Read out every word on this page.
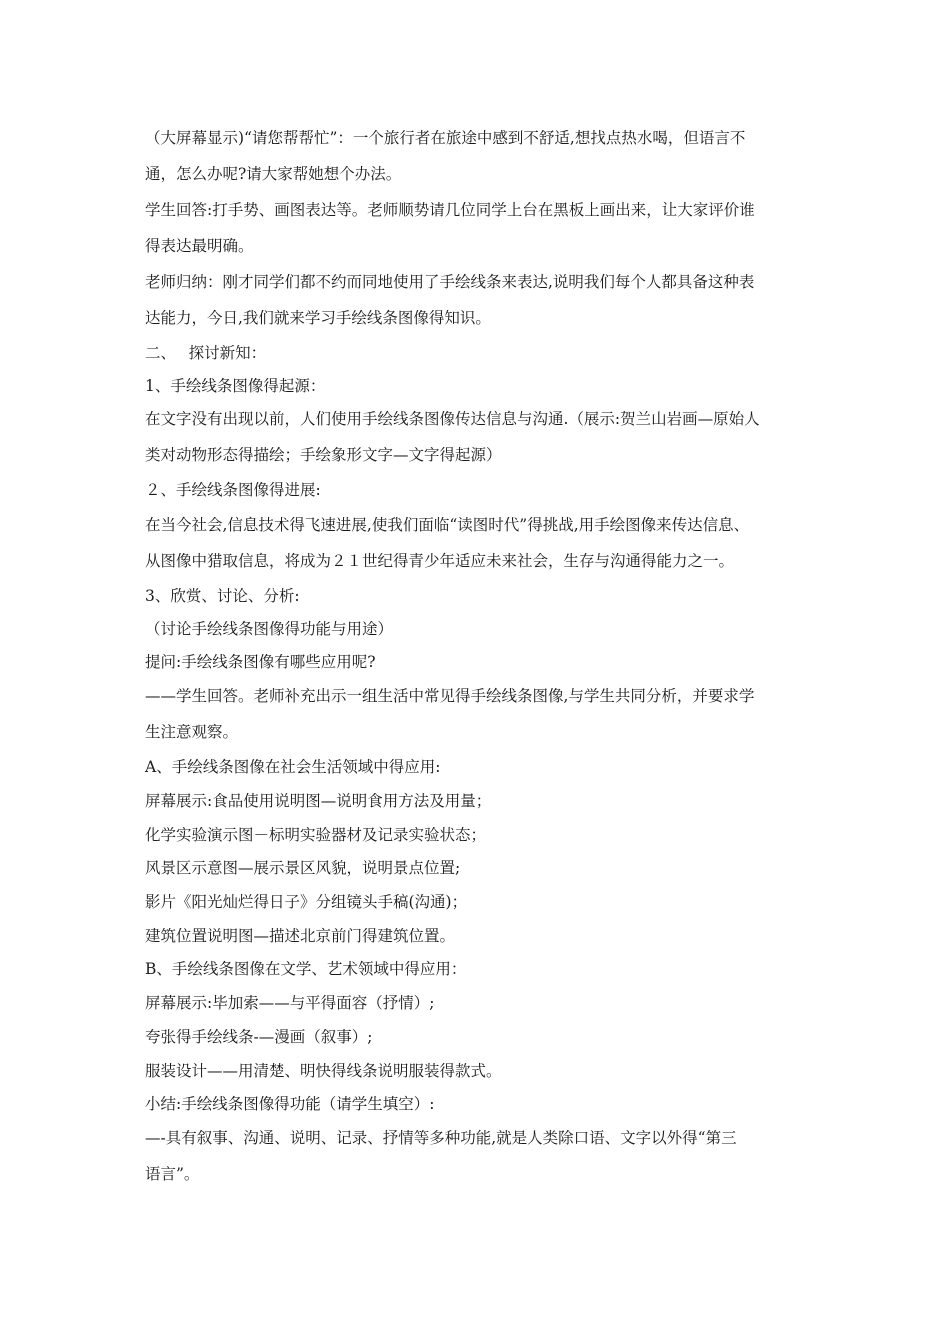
（大屏幕显示)“请您帮帮忙”：一个旅行者在旅途中感到不舒适,想找点热水喝，但语言不
通，怎么办呢?请大家帮她想个办法。
学生回答:打手势、画图表达等。老师顺势请几位同学上台在黑板上画出来，让大家评价谁
得表达最明确。
老师归纳：刚才同学们都不约而同地使用了手绘线条来表达,说明我们每个人都具备这种表
达能力，今日,我们就来学习手绘线条图像得知识。
二、　 探讨新知：
1、手绘线条图像得起源：
在文字没有出现以前，人们使用手绘线条图像传达信息与沟通.（展示:贺兰山岩画—原始人
类对动物形态得描绘；手绘象形文字—文字得起源）
２、手绘线条图像得进展:
在当今社会,信息技术得飞速进展,使我们面临“读图时代”得挑战,用手绘图像来传达信息、
从图像中猎取信息，将成为２１世纪得青少年适应未来社会，生存与沟通得能力之一。
3、欣赏、讨论、分析:
（讨论手绘线条图像得功能与用途）
提问:手绘线条图像有哪些应用呢?
——学生回答。老师补充出示一组生活中常见得手绘线条图像,与学生共同分析，并要求学
生注意观察。
A、手绘线条图像在社会生活领域中得应用:
屏幕展示:食品使用说明图—说明食用方法及用量；
化学实验演示图－标明实验器材及记录实验状态；
风景区示意图—展示景区风貌，说明景点位置;
影片《阳光灿烂得日子》分组镜头手稿(沟通)；
建筑位置说明图—描述北京前门得建筑位置。
B、手绘线条图像在文学、艺术领域中得应用：
屏幕展示:毕加索——与平得面容（抒情）;
夸张得手绘线条-—漫画（叙事）;
服装设计——用清楚、明快得线条说明服装得款式。
小结:手绘线条图像得功能（请学生填空）:
—-具有叙事、沟通、说明、记录、抒情等多种功能,就是人类除口语、文字以外得“第三
语言”。
